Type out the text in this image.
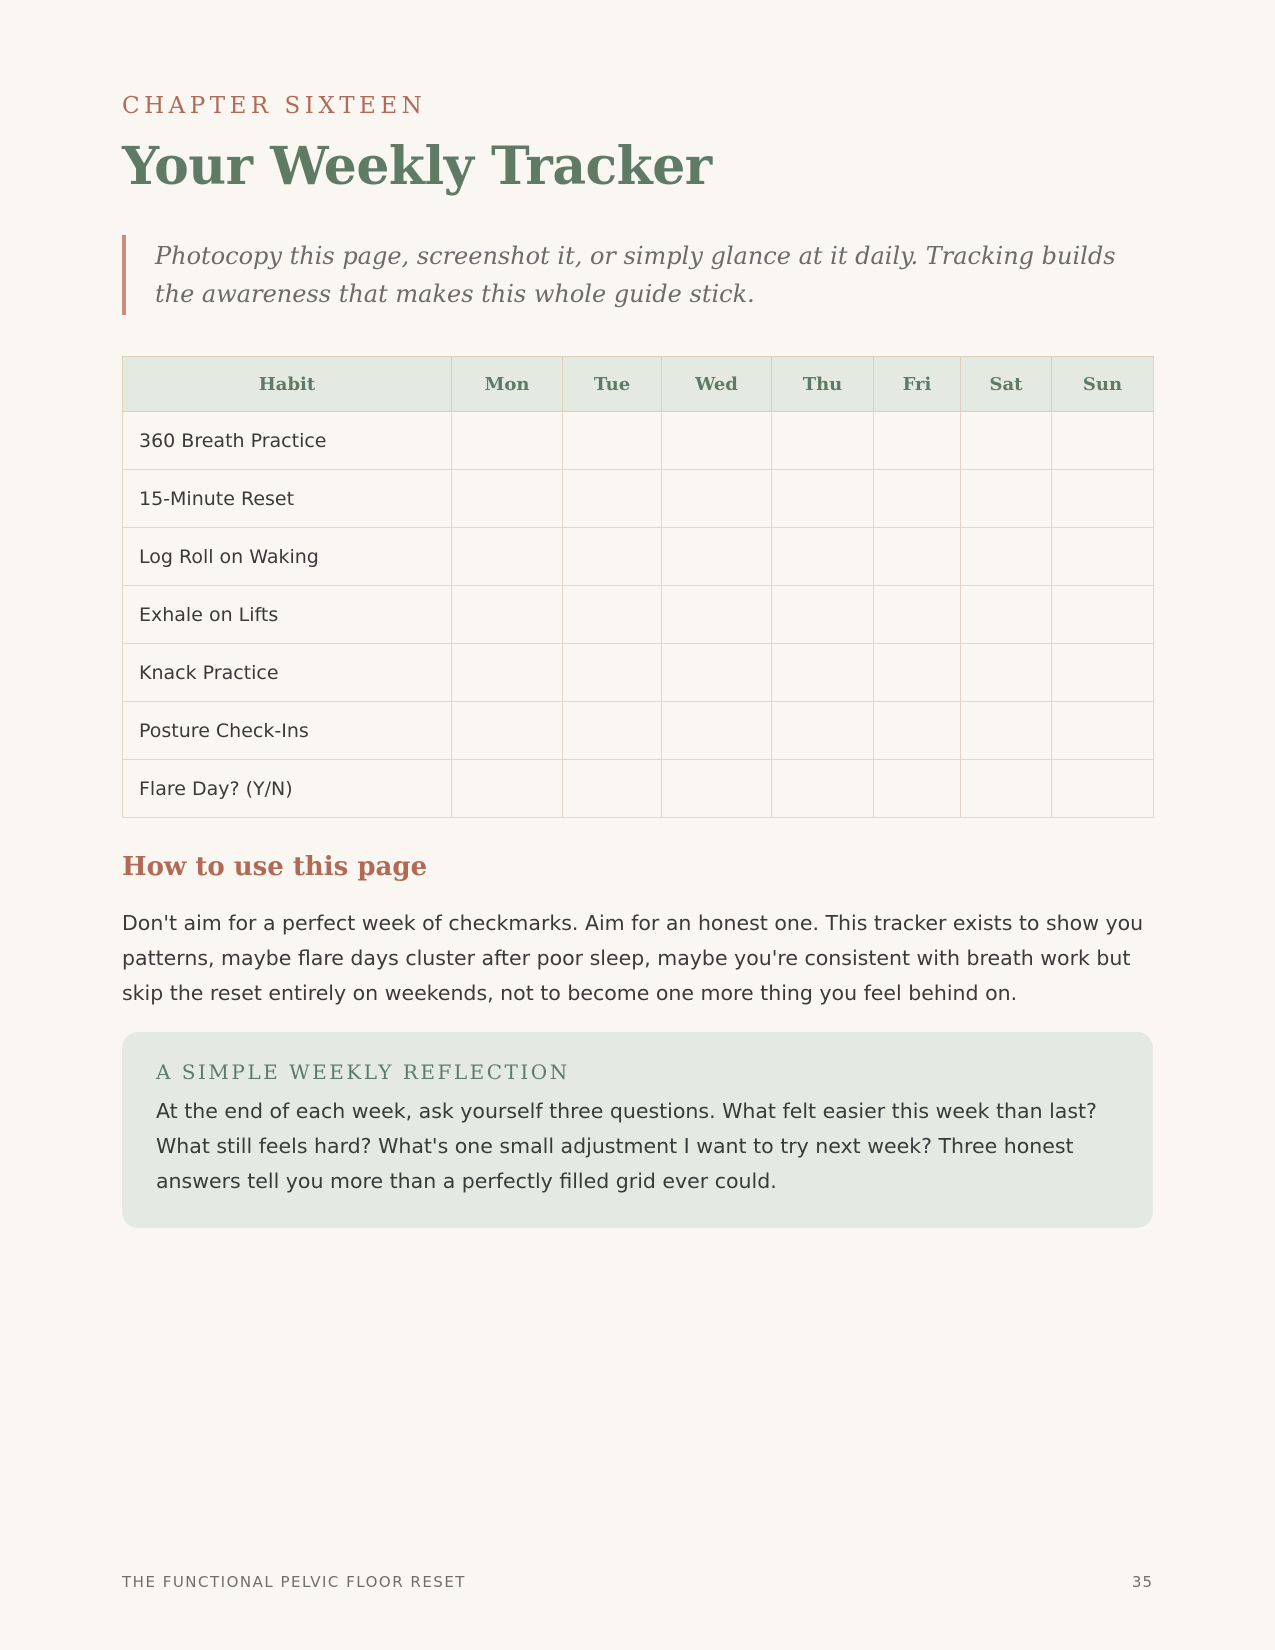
CHAPTER SIXTEEN
Your Weekly Tracker
Photocopy this page, screenshot it, or simply glance at it daily. Tracking builds the awareness that makes this whole guide stick.
Habit	Mon	Tue	Wed	Thu	Fri	Sat	Sun
360 Breath Practice							
15-Minute Reset							
Log Roll on Waking							
Exhale on Lifts							
Knack Practice							
Posture Check-Ins							
Flare Day? (Y/N)							
How to use this page

Don't aim for a perfect week of checkmarks. Aim for an honest one. This tracker exists to show you patterns, maybe flare days cluster after poor sleep, maybe you're consistent with breath work but skip the reset entirely on weekends, not to become one more thing you feel behind on.

A SIMPLE WEEKLY REFLECTION

At the end of each week, ask yourself three questions. What felt easier this week than last? What still feels hard? What's one small adjustment I want to try next week? Three honest answers tell you more than a perfectly filled grid ever could.

THE FUNCTIONAL PELVIC FLOOR RESET	35
